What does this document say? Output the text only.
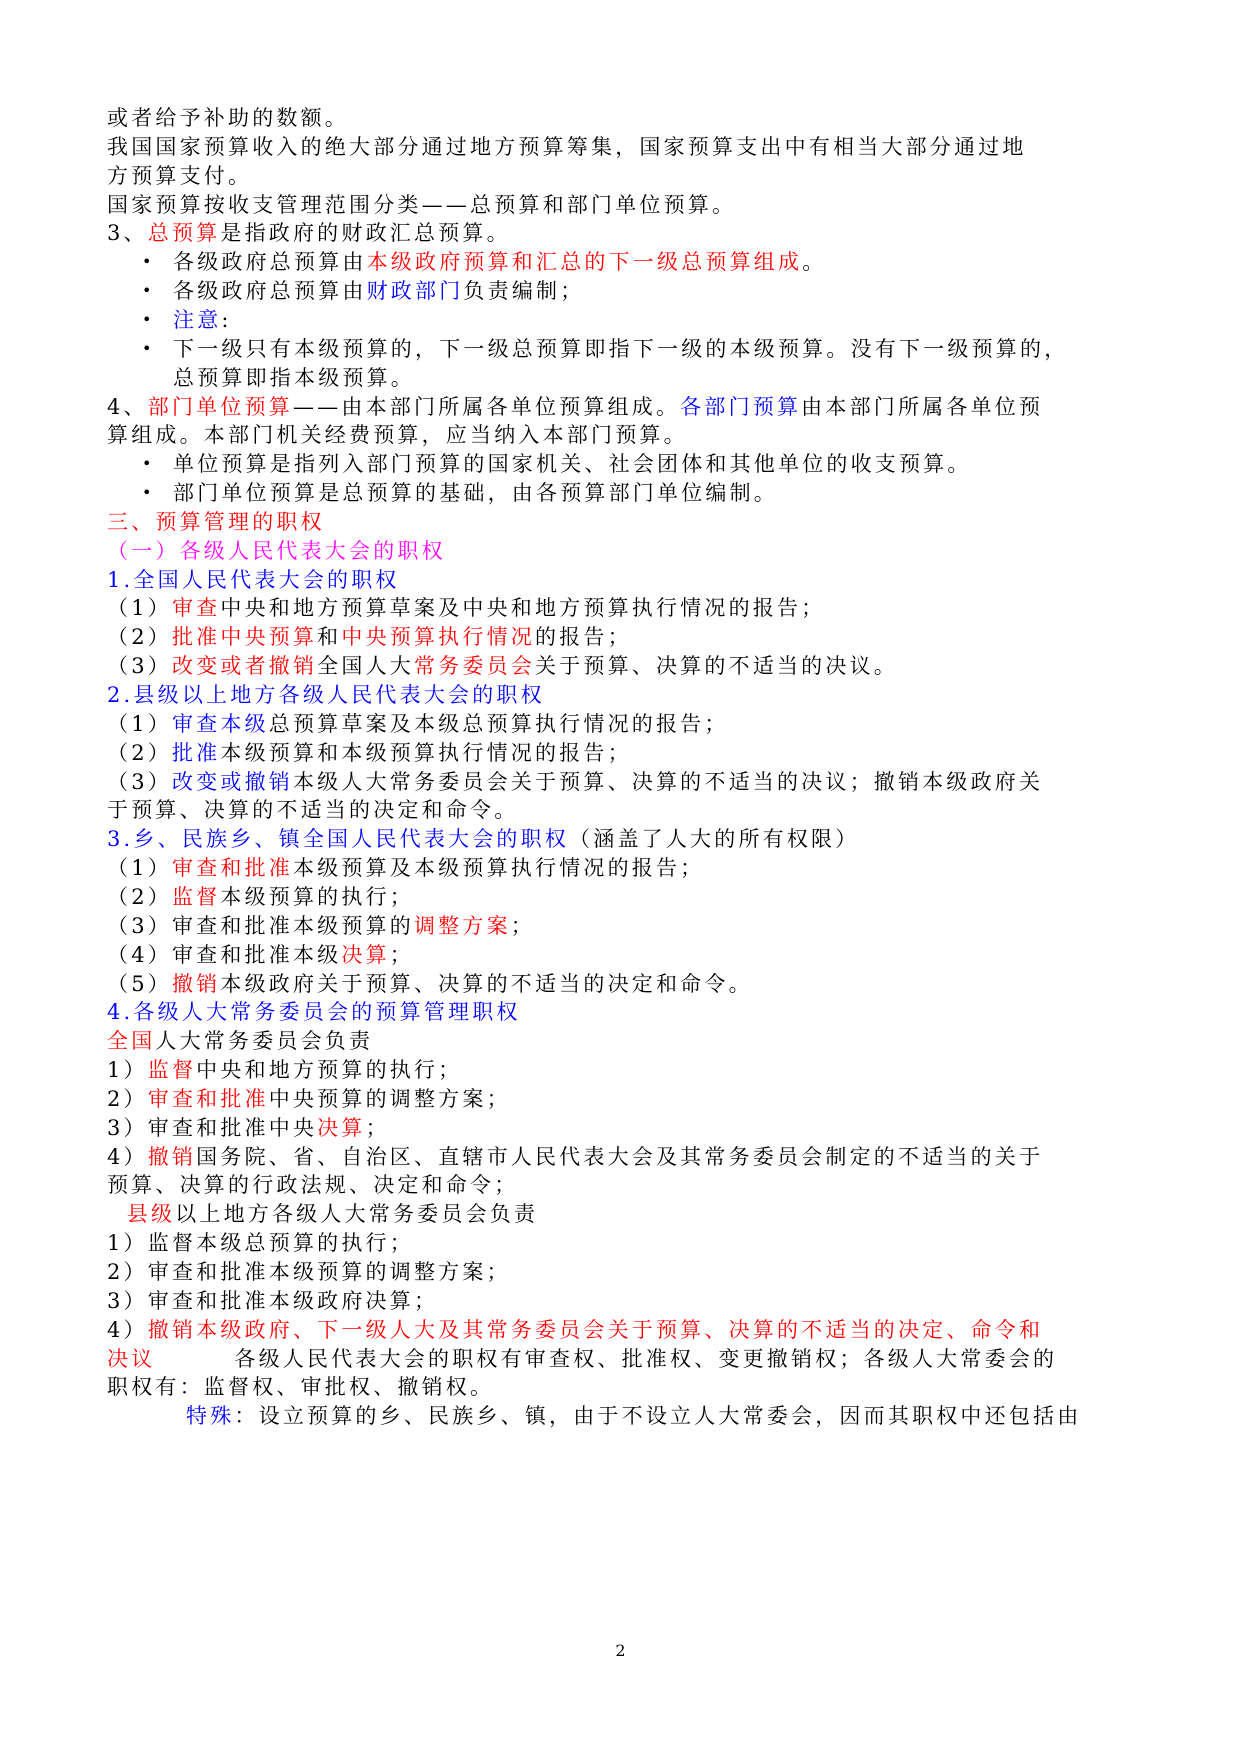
或者给予补助的数额。
我国国家预算收入的绝大部分通过地方预算筹集，国家预算支出中有相当大部分通过地
方预算支付。
国家预算按收支管理范围分类——总预算和部门单位预算。
3、总预算是指政府的财政汇总预算。
• 各级政府总预算由本级政府预算和汇总的下一级总预算组成。
• 各级政府总预算由财政部门负责编制；
• 注意:
• 下一级只有本级预算的，下一级总预算即指下一级的本级预算。没有下一级预算的，
总预算即指本级预算。
4、部门单位预算——由本部门所属各单位预算组成。各部门预算由本部门所属各单位预
算组成。本部门机关经费预算，应当纳入本部门预算。
• 单位预算是指列入部门预算的国家机关、社会团体和其他单位的收支预算。
• 部门单位预算是总预算的基础，由各预算部门单位编制。
三、预算管理的职权
（一）各级人民代表大会的职权
1.全国人民代表大会的职权
（1）审查中央和地方预算草案及中央和地方预算执行情况的报告；
（2）批准中央预算和中央预算执行情况的报告；
（3）改变或者撤销全国人大常务委员会关于预算、决算的不适当的决议。
2.县级以上地方各级人民代表大会的职权
（1）审查本级总预算草案及本级总预算执行情况的报告；
（2）批准本级预算和本级预算执行情况的报告；
（3）改变或撤销本级人大常务委员会关于预算、决算的不适当的决议；撤销本级政府关
于预算、决算的不适当的决定和命令。
3.乡、民族乡、镇全国人民代表大会的职权（涵盖了人大的所有权限）
（1）审查和批准本级预算及本级预算执行情况的报告；
（2）监督本级预算的执行；
（3）审查和批准本级预算的调整方案；
（4）审查和批准本级决算；
（5）撤销本级政府关于预算、决算的不适当的决定和命令。
4.各级人大常务委员会的预算管理职权
全国人大常务委员会负责
1）监督中央和地方预算的执行；
2）审查和批准中央预算的调整方案；
3）审查和批准中央决算；
4）撤销国务院、省、自治区、直辖市人民代表大会及其常务委员会制定的不适当的关于
预算、决算的行政法规、决定和命令；
县级以上地方各级人大常务委员会负责
1）监督本级总预算的执行；
2）审查和批准本级预算的调整方案；
3）审查和批准本级政府决算；
4）撤销本级政府、下一级人大及其常务委员会关于预算、决算的不适当的决定、命令和
决议        各级人民代表大会的职权有审查权、批准权、变更撤销权；各级人大常委会的
职权有：监督权、审批权、撤销权。
特殊：设立预算的乡、民族乡、镇，由于不设立人大常委会，因而其职权中还包括由
2
